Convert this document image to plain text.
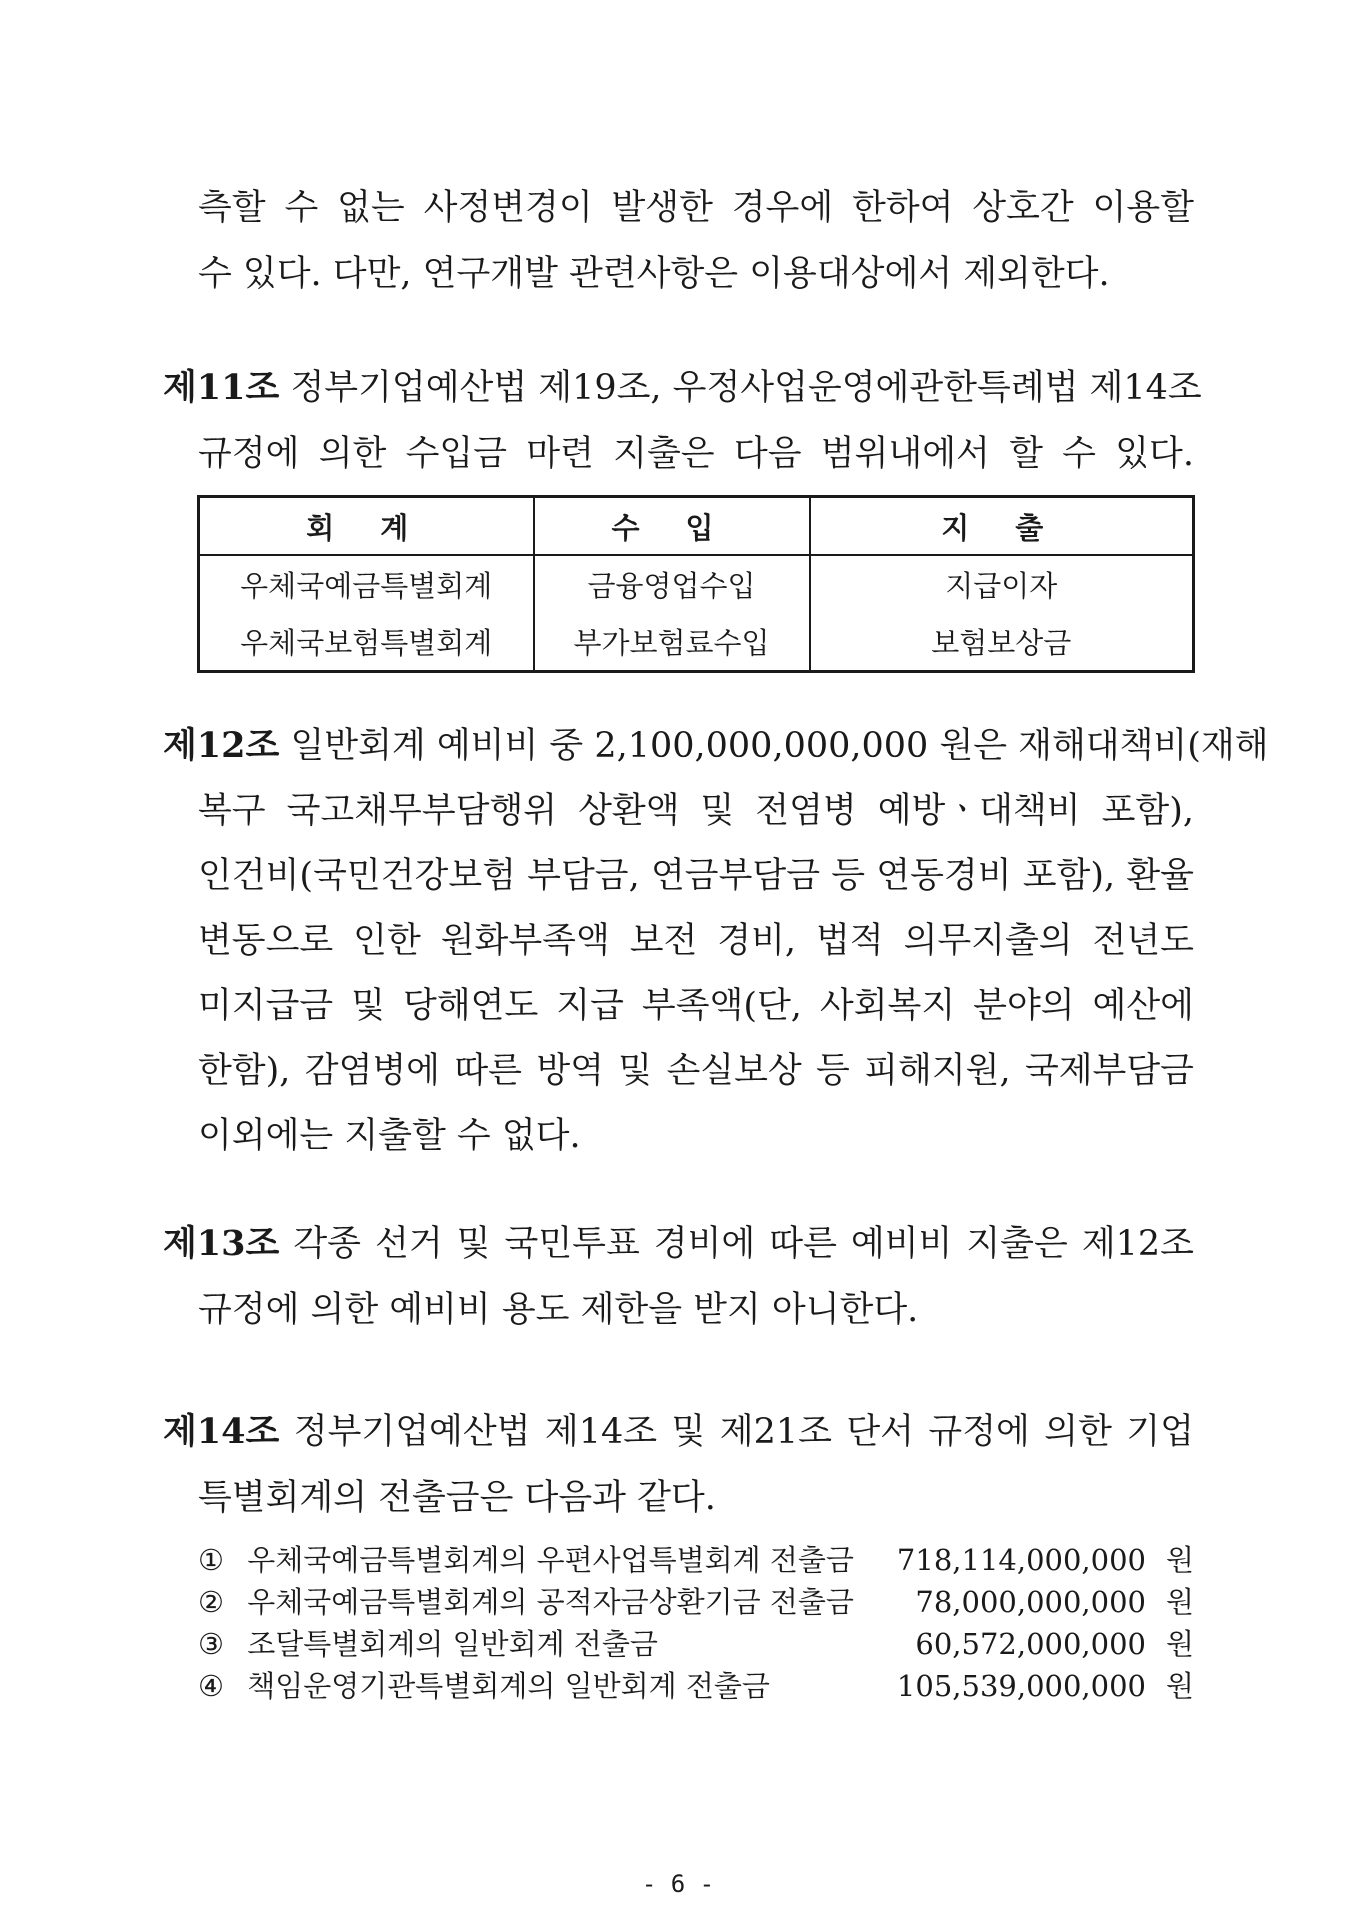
측할 수 없는 사정변경이 발생한 경우에 한하여 상호간 이용할
수 있다. 다만, 연구개발 관련사항은 이용대상에서 제외한다.
제11조 정부기업예산법 제19조, 우정사업운영에관한특례법 제14조
규정에 의한 수입금 마련 지출은 다음 범위내에서 할 수 있다.
회 계	수 입	지 출
우체국예금특별회계	금융영업수입	지급이자
우체국보험특별회계	부가보험료수입	보험보상금
제12조 일반회계 예비비 중 2,100,000,000,000 원은 재해대책비(재해
복구 국고채무부담행위 상환액 및 전염병 예방ㆍ대책비 포함),
인건비(국민건강보험 부담금, 연금부담금 등 연동경비 포함), 환율
변동으로 인한 원화부족액 보전 경비, 법적 의무지출의 전년도
미지급금 및 당해연도 지급 부족액(단, 사회복지 분야의 예산에
한함), 감염병에 따른 방역 및 손실보상 등 피해지원, 국제부담금
이외에는 지출할 수 없다.
제13조 각종 선거 및 국민투표 경비에 따른 예비비 지출은 제12조
규정에 의한 예비비 용도 제한을 받지 아니한다.
제14조 정부기업예산법 제14조 및 제21조 단서 규정에 의한 기업
특별회계의 전출금은 다음과 같다.
① 우체국예금특별회계의 우편사업특별회계 전출금 718,114,000,000 원
② 우체국예금특별회계의 공적자금상환기금 전출금 78,000,000,000 원
③ 조달특별회계의 일반회계 전출금	60,572,000,000 원
④ 책임운영기관특별회계의 일반회계 전출금	105,539,000,000 원
- 6 -
